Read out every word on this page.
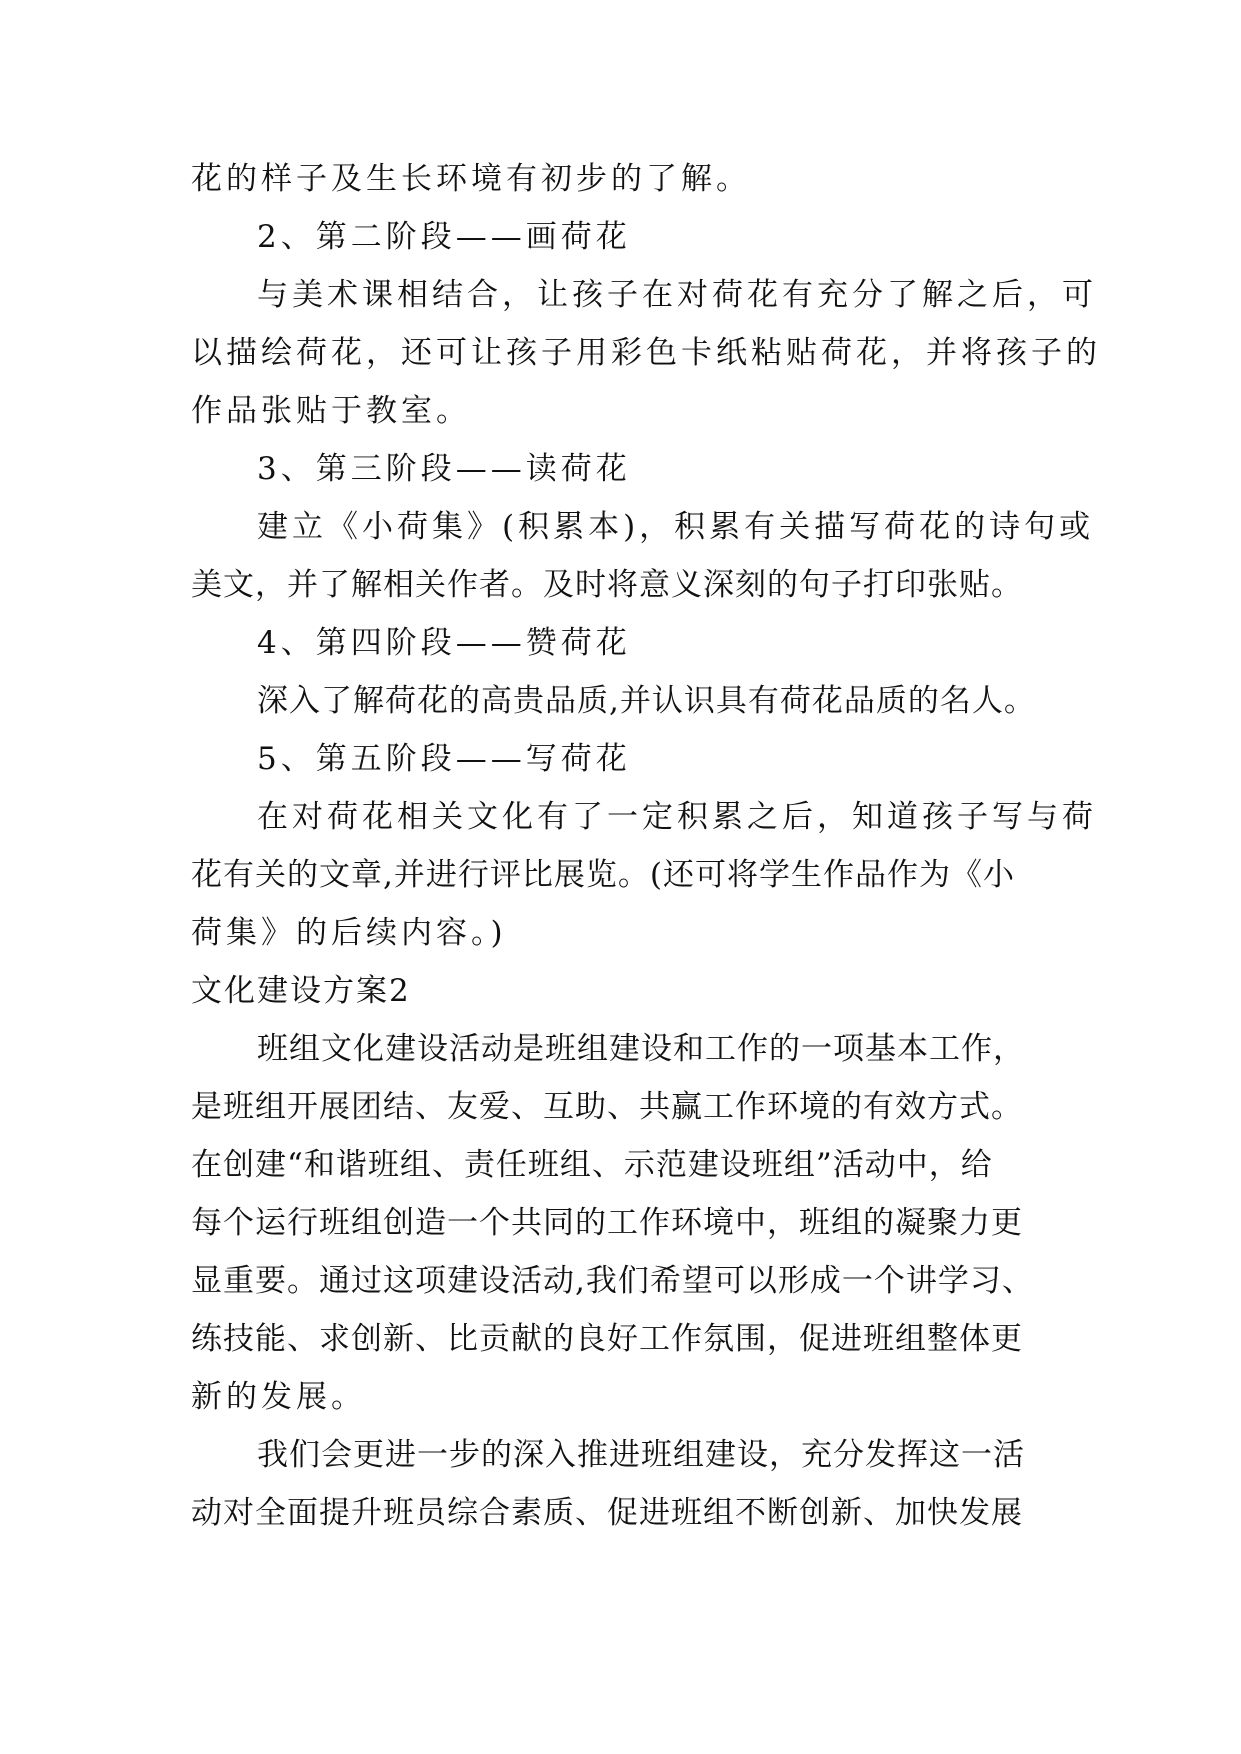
花的样子及生长环境有初步的了解。
2、第二阶段——画荷花
与美术课相结合，让孩子在对荷花有充分了解之后，可
以描绘荷花，还可让孩子用彩色卡纸粘贴荷花，并将孩子的
作品张贴于教室。
3、第三阶段——读荷花
建立《小荷集》(积累本)，积累有关描写荷花的诗句或
美文，并了解相关作者。及时将意义深刻的句子打印张贴。
4、第四阶段——赞荷花
深入了解荷花的高贵品质,并认识具有荷花品质的名人。
5、第五阶段——写荷花
在对荷花相关文化有了一定积累之后，知道孩子写与荷
花有关的文章,并进行评比展览。(还可将学生作品作为《小
荷集》的后续内容。)
文化建设方案2
班组文化建设活动是班组建设和工作的一项基本工作，
是班组开展团结、友爱、互助、共赢工作环境的有效方式。
在创建“和谐班组、责任班组、示范建设班组”活动中，给
每个运行班组创造一个共同的工作环境中，班组的凝聚力更
显重要。通过这项建设活动,我们希望可以形成一个讲学习、
练技能、求创新、比贡献的良好工作氛围，促进班组整体更
新的发展。
我们会更进一步的深入推进班组建设，充分发挥这一活
动对全面提升班员综合素质、促进班组不断创新、加快发展
